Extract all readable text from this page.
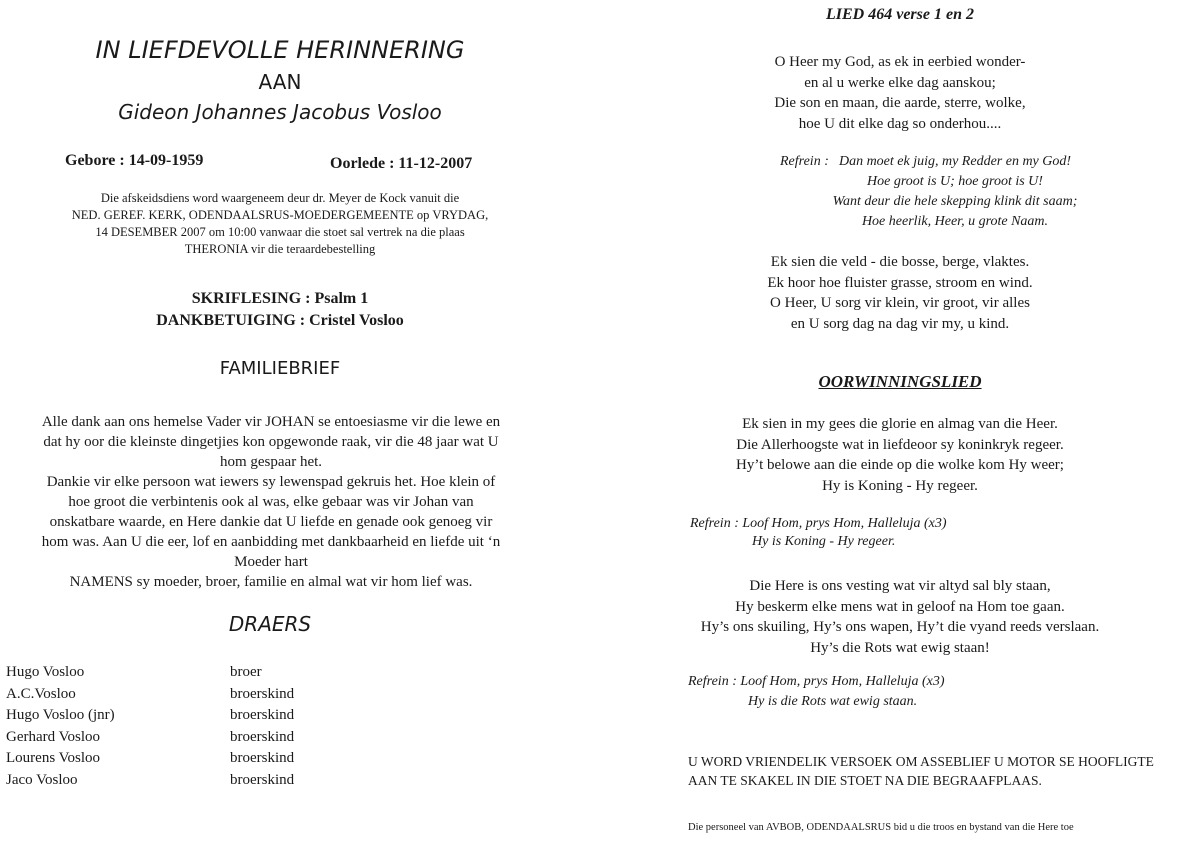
IN LIEFDEVOLLE HERINNERING
AAN
Gideon Johannes Jacobus Vosloo
Gebore : 14-09-1959	Oorlede : 11-12-2007
Die afskeidsdiens word waargeneem deur dr. Meyer de Kock vanuit die
NED. GEREF. KERK, ODENDAALSRUS-MOEDERGEMEENTE op VRYDAG,
14 DESEMBER 2007 om 10:00 vanwaar die stoet sal vertrek na die plaas
THERONIA vir die teraardebestelling
SKRIFLESING : Psalm 1
DANKBETUIGING : Cristel Vosloo
FAMILIEBRIEF
Alle dank aan ons hemelse Vader vir JOHAN se entoesiasme vir die lewe en
dat hy oor die kleinste dingetjies kon opgewonde raak, vir die 48 jaar wat U
hom gespaar het.
Dankie vir elke persoon wat iewers sy lewenspad gekruis het. Hoe klein of
hoe groot die verbintenis ook al was, elke gebaar was vir Johan van
onskatbare waarde, en Here dankie dat U liefde en genade ook genoeg vir
hom was. Aan U die eer, lof en aanbidding met dankbaarheid en liefde uit ‘n
Moeder hart
NAMENS sy moeder, broer, familie en almal wat vir hom lief was.
DRAERS
Hugo Vosloo	broer
A.C.Vosloo	broerskind
Hugo Vosloo (jnr)	broerskind
Gerhard Vosloo	broerskind
Lourens Vosloo	broerskind
Jaco Vosloo	broerskind
LIED 464 verse 1 en 2
O Heer my God, as ek in eerbied wonder-
en al u werke elke dag aanskou;
Die son en maan, die aarde, sterre, wolke,
hoe U dit elke dag so onderhou....
Refrein : Dan moet ek juig, my Redder en my God!
Hoe groot is U; hoe groot is U!
Want deur die hele skepping klink dit saam;
Hoe heerlik, Heer, u grote Naam.
Ek sien die veld - die bosse, berge, vlaktes.
Ek hoor hoe fluister grasse, stroom en wind.
O Heer, U sorg vir klein, vir groot, vir alles
en U sorg dag na dag vir my, u kind.
OORWINNINGSLIED
Ek sien in my gees die glorie en almag van die Heer.
Die Allerhoogste wat in liefdeoor sy koninkryk regeer.
Hy’t belowe aan die einde op die wolke kom Hy weer;
Hy is Koning - Hy regeer.
Refrein : Loof Hom, prys Hom, Halleluja (x3)
Hy is Koning - Hy regeer.
Die Here is ons vesting wat vir altyd sal bly staan,
Hy beskerm elke mens wat in geloof na Hom toe gaan.
Hy’s ons skuiling, Hy’s ons wapen, Hy’t die vyand reeds verslaan.
Hy’s die Rots wat ewig staan!
Refrein : Loof Hom, prys Hom, Halleluja (x3)
Hy is die Rots wat ewig staan.
U WORD VRIENDELIK VERSOEK OM ASSEBLIEF U MOTOR SE HOOFLIGTE
AAN TE SKAKEL IN DIE STOET NA DIE BEGRAAFPLAAS.
Die personeel van AVBOB, ODENDAALSRUS bid u die troos en bystand van die Here toe
